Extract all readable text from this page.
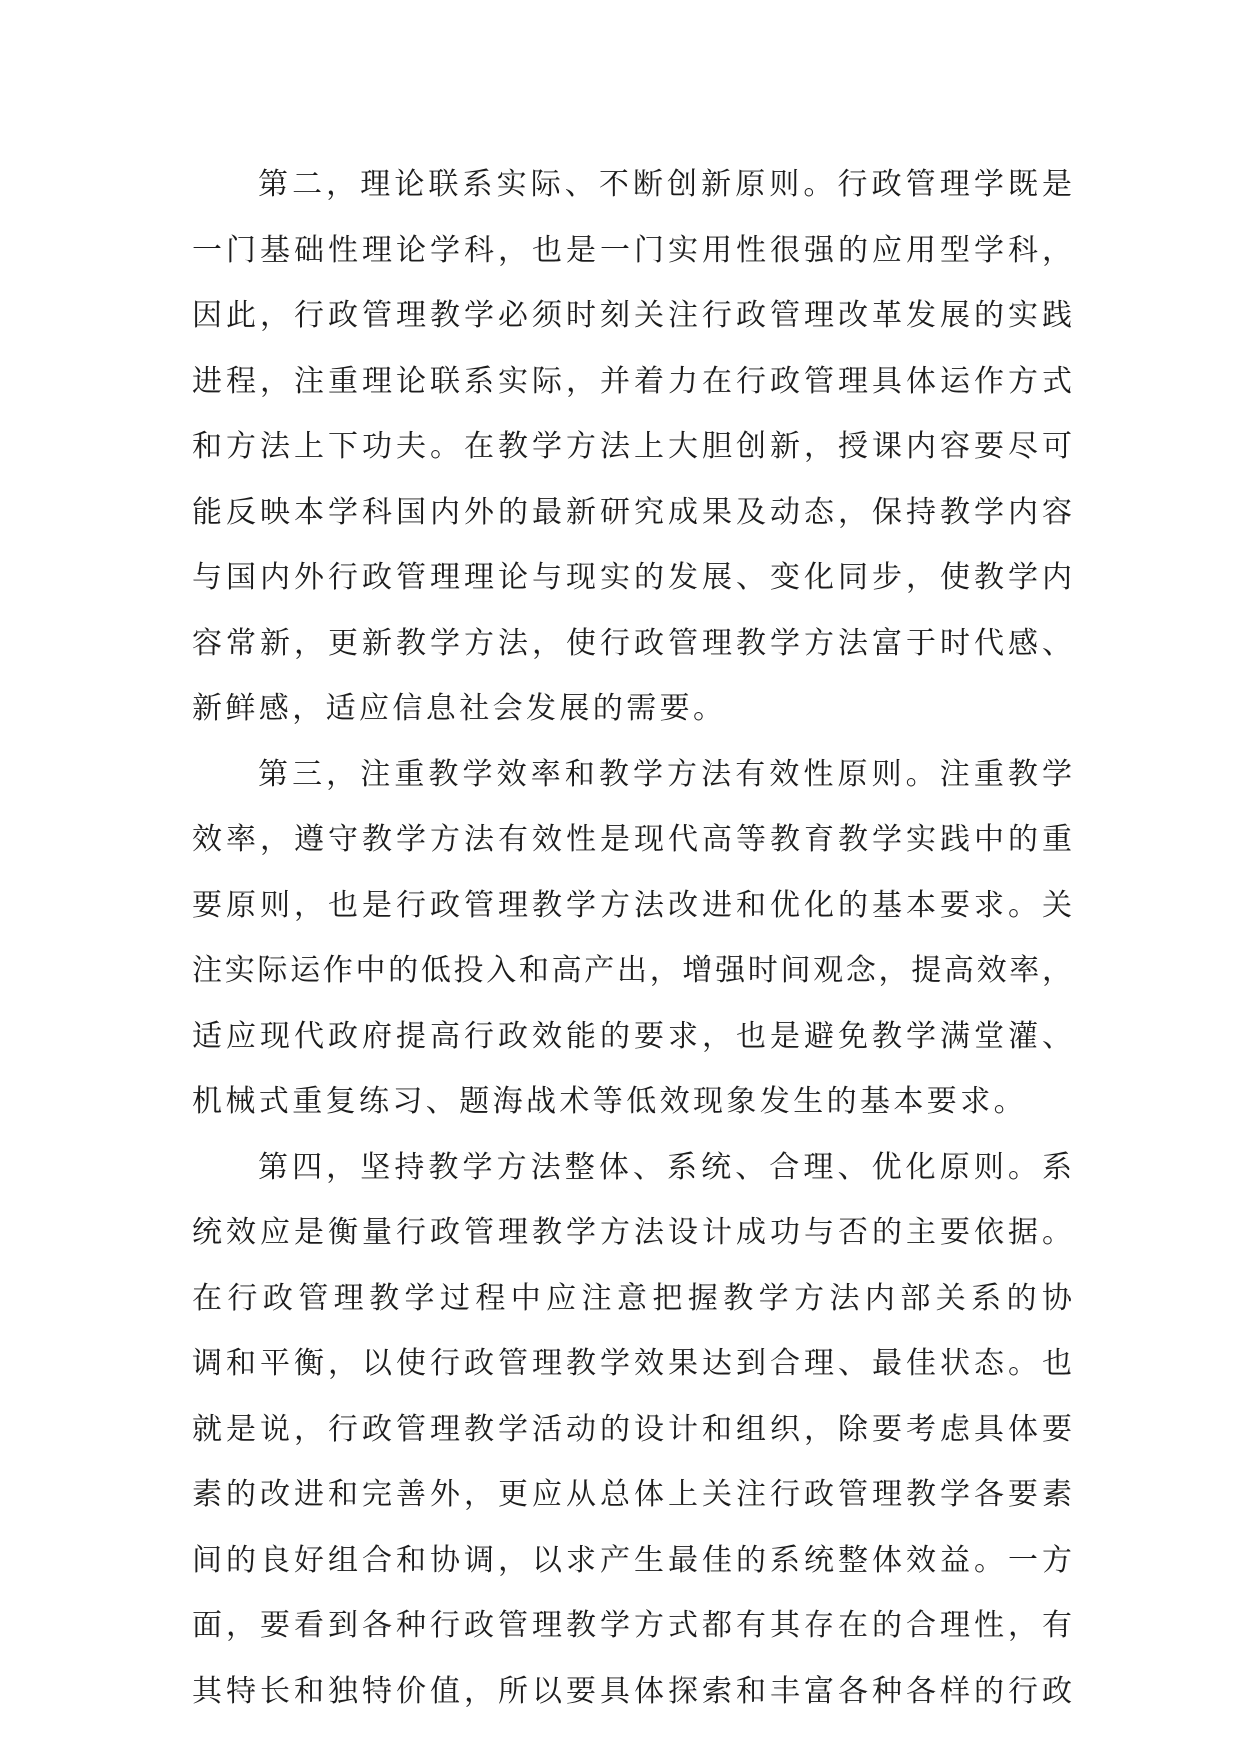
第二，理论联系实际、不断创新原则。行政管理学既是
一门基础性理论学科，也是一门实用性很强的应用型学科，
因此，行政管理教学必须时刻关注行政管理改革发展的实践
进程，注重理论联系实际，并着力在行政管理具体运作方式
和方法上下功夫。在教学方法上大胆创新，授课内容要尽可
能反映本学科国内外的最新研究成果及动态，保持教学内容
与国内外行政管理理论与现实的发展、变化同步，使教学内
容常新，更新教学方法，使行政管理教学方法富于时代感、
新鲜感，适应信息社会发展的需要。
第三，注重教学效率和教学方法有效性原则。注重教学
效率，遵守教学方法有效性是现代高等教育教学实践中的重
要原则，也是行政管理教学方法改进和优化的基本要求。关
注实际运作中的低投入和高产出，增强时间观念，提高效率，
适应现代政府提高行政效能的要求，也是避免教学满堂灌、
机械式重复练习、题海战术等低效现象发生的基本要求。
第四，坚持教学方法整体、系统、合理、优化原则。系
统效应是衡量行政管理教学方法设计成功与否的主要依据。
在行政管理教学过程中应注意把握教学方法内部关系的协
调和平衡，以使行政管理教学效果达到合理、最佳状态。也
就是说，行政管理教学活动的设计和组织，除要考虑具体要
素的改进和完善外，更应从总体上关注行政管理教学各要素
间的良好组合和协调，以求产生最佳的系统整体效益。一方
面，要看到各种行政管理教学方式都有其存在的合理性，有
其特长和独特价值，所以要具体探索和丰富各种各样的行政
